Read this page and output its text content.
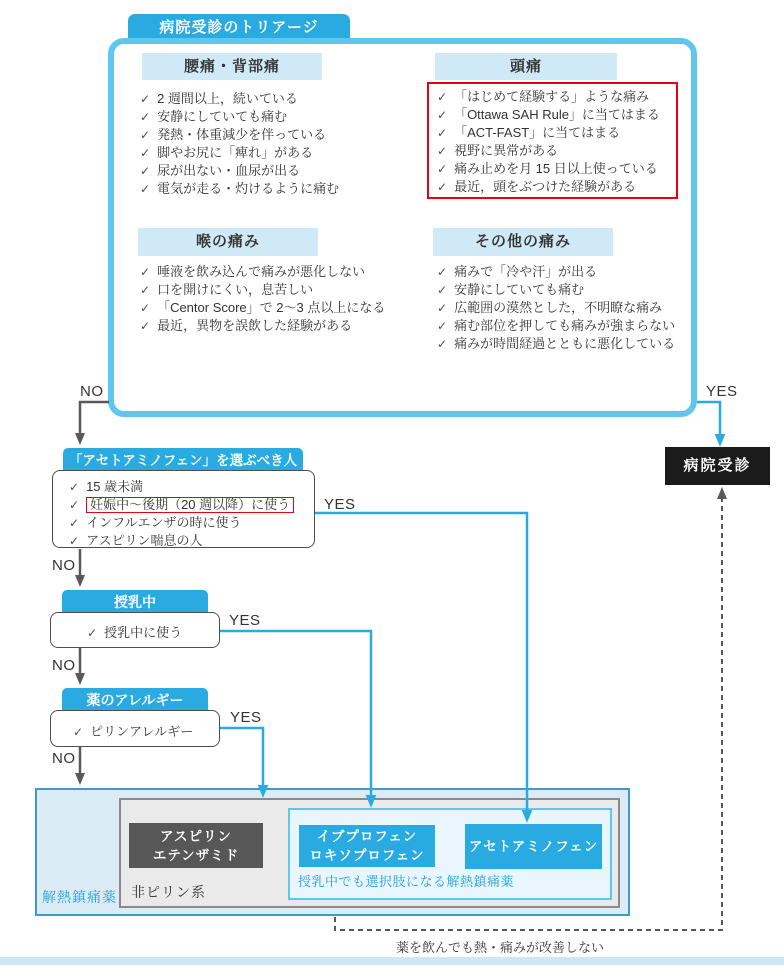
病院受診のトリアージ
腰痛・背部痛	頭痛
喉の痛み	その他の痛み
✓ 2 週間以上，続いている
✓ 安静にしていても痛む
✓ 発熱・体重減少を伴っている
✓ 脚やお尻に「痺れ」がある
✓ 尿が出ない・血尿が出る
✓ 電気が走る・灼けるように痛む
✓ 「はじめて経験する」ような痛み
✓ 「Ottawa SAH Rule」に当てはまる
✓ 「ACT-FAST」に当てはまる
✓ 視野に異常がある
✓ 痛み止めを月 15 日以上使っている
✓ 最近，頭をぶつけた経験がある
✓ 唾液を飲み込んで痛みが悪化しない
✓ 口を開けにくい，息苦しい
✓ 「Centor Score」で 2〜3 点以上になる
✓ 最近，異物を誤飲した経験がある
✓ 痛みで「冷や汗」が出る
✓ 安静にしていても痛む
✓ 広範囲の漠然とした，不明瞭な痛み
✓ 痛む部位を押しても痛みが強まらない
✓ 痛みが時間経過とともに悪化している
NO	YES
YES
NO
YES
NO
YES
NO
病院受診
「アセトアミノフェン」を選ぶべき人
✓ 15 歳未満
✓ 妊娠中〜後期（20 週以降）に使う
✓ インフルエンザの時に使う
✓ アスピリン喘息の人
授乳中
✓ 授乳中に使う
薬のアレルギー
✓ ピリンアレルギー
アスピリン
エテンザミド
イブプロフェン
ロキソプロフェン
アセトアミノフェン
解熱鎮痛薬 非ピリン系
授乳中でも選択肢になる解熱鎮痛薬
薬を飲んでも熱・痛みが改善しない
